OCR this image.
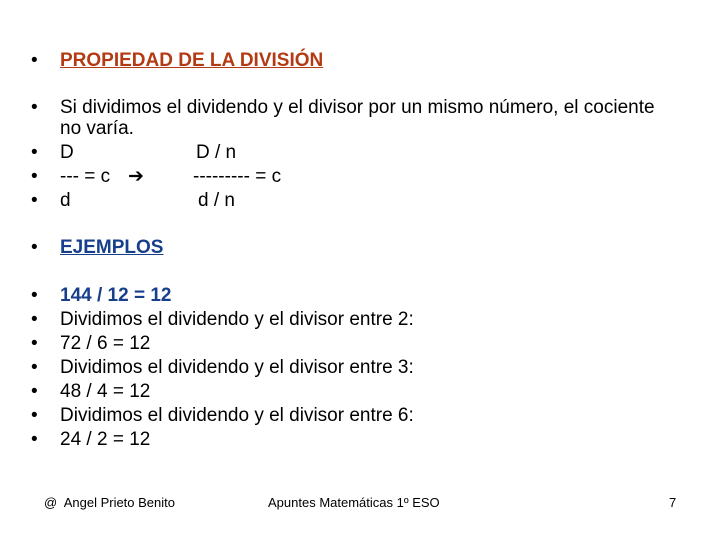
• PROPIEDAD DE LA DIVISIÓN
• Si dividimos el dividendo y el divisor por un mismo número, el cociente
no varía.
• D	D / n
• --- = c ➔	--------- = c
• d	d / n
• EJEMPLOS
• 144 / 12 = 12
• Dividimos el dividendo y el divisor entre 2:
• 72 / 6 = 12
• Dividimos el dividendo y el divisor entre 3:
• 48 / 4 = 12
• Dividimos el dividendo y el divisor entre 6:
• 24 / 2 = 12
@  Angel Prieto Benito	Apuntes Matemáticas 1º ESO	7
